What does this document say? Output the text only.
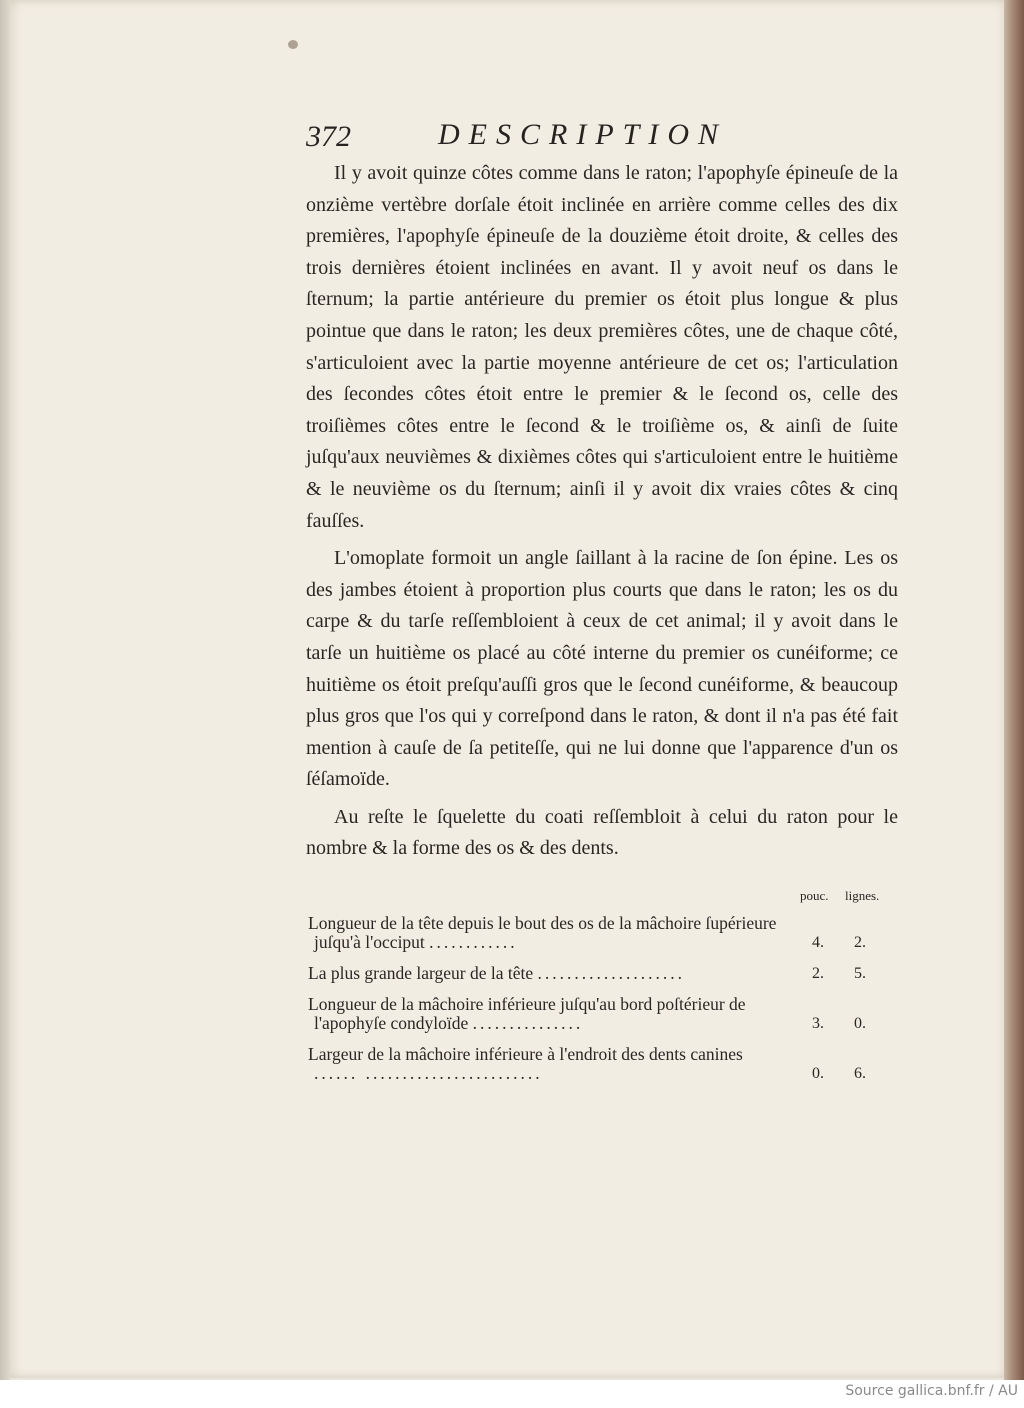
372	DESCRIPTION

Il y avoit quinze côtes comme dans le raton; l'apophyſe épineuſe de la onzième vertèbre dorſale étoit inclinée en arrière comme celles des dix premières, l'apophyſe épineuſe de la douzième étoit droite, & celles des trois dernières étoient inclinées en avant. Il y avoit neuf os dans le ſternum; la partie antérieure du premier os étoit plus longue & plus pointue que dans le raton; les deux premières côtes, une de chaque côté, s'articuloient avec la partie moyenne antérieure de cet os; l'articulation des ſecondes côtes étoit entre le premier & le ſecond os, celle des troiſièmes côtes entre le ſecond & le troiſième os, & ainſi de ſuite juſqu'aux neuvièmes & dixièmes côtes qui s'articuloient entre le huitième & le neuvième os du ſternum; ainſi il y avoit dix vraies côtes & cinq fauſſes.

L'omoplate formoit un angle ſaillant à la racine de ſon épine. Les os des jambes étoient à proportion plus courts que dans le raton; les os du carpe & du tarſe reſſembloient à ceux de cet animal; il y avoit dans le tarſe un huitième os placé au côté interne du premier os cunéiforme; ce huitième os étoit preſqu'auſſi gros que le ſecond cunéiforme, & beaucoup plus gros que l'os qui y correſpond dans le raton, & dont il n'a pas été fait mention à cauſe de ſa petiteſſe, qui ne lui donne que l'apparence d'un os ſéſamoïde.

Au reſte le ſquelette du coati reſſembloit à celui du raton pour le nombre & la forme des os & des dents.

pouc. lignes.
Longueur de la tête depuis le bout des os de la mâchoire ſupérieure juſqu'à l'occiput ............	4. 2.
La plus grande largeur de la tête ....................	2. 5.
Longueur de la mâchoire inférieure juſqu'au bord poſtérieur de l'apophyſe condyloïde ...............	3. 0.
Largeur de la mâchoire inférieure à l'endroit des dents canines ...... ........................	0. 6.
Source gallica.bnf.fr / AU
